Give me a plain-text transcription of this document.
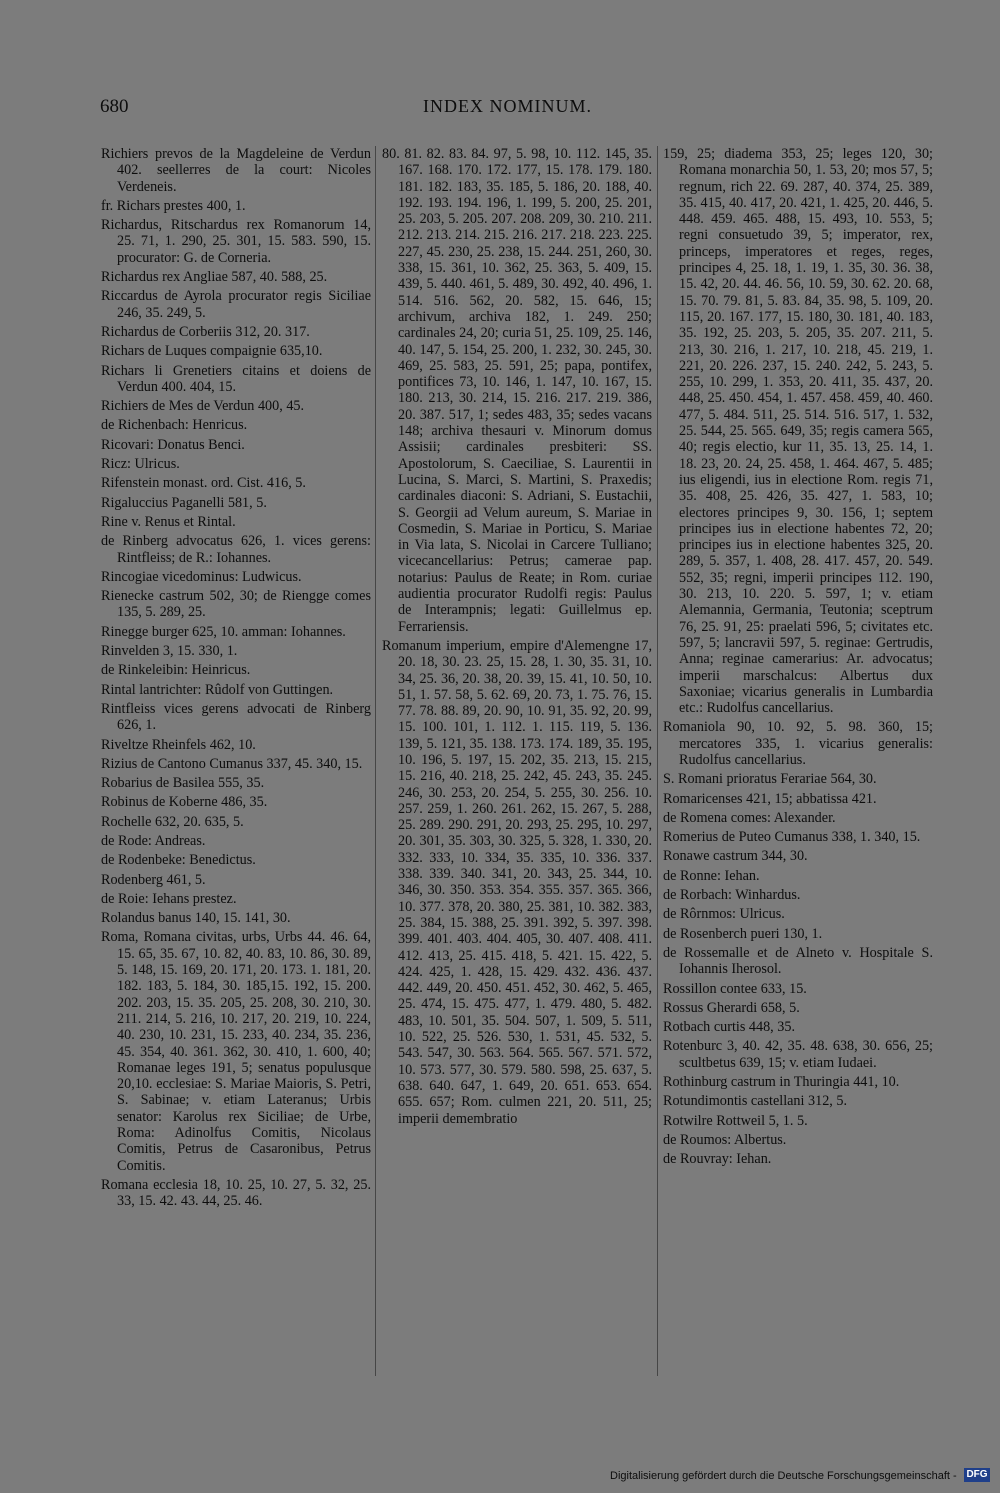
680	INDEX NOMINUM.

Richiers prevos de la Magdeleine de Verdun 402. seellerres de la court: Nicoles Verdeneis.

fr. Richars prestes 400, 1.

Richardus, Ritschardus rex Romanorum 14, 25. 71, 1. 290, 25. 301, 15. 583. 590, 15. procurator: G. de Corneria.

Richardus rex Angliae 587, 40. 588, 25.

Riccardus de Ayrola procurator regis Siciliae 246, 35. 249, 5.

Richardus de Corberiis 312, 20. 317.

Richars de Luques compaignie 635,10.

Richars li Grenetiers citains et doiens de Verdun 400. 404, 15.

Richiers de Mes de Verdun 400, 45.

de Richenbach: Henricus.

Ricovari: Donatus Benci.

Ricz: Ulricus.

Rifenstein monast. ord. Cist. 416, 5.

Rigaluccius Paganelli 581, 5.

Rine v. Renus et Rintal.

de Rinberg advocatus 626, 1. vices gerens: Rintfleiss; de R.: Iohannes.

Rincogiae vicedominus: Ludwicus.

Rienecke castrum 502, 30; de Riengge comes 135, 5. 289, 25.

Rinegge burger 625, 10. amman: Iohannes.

Rinvelden 3, 15. 330, 1.

de Rinkeleibin: Heinricus.

Rintal lantrichter: Rûdolf von Guttingen.

Rintfleiss vices gerens advocati de Rinberg 626, 1.

Riveltze Rheinfels 462, 10.

Rizius de Cantono Cumanus 337, 45. 340, 15.

Robarius de Basilea 555, 35.

Robinus de Koberne 486, 35.

Rochelle 632, 20. 635, 5.

de Rode: Andreas.

de Rodenbeke: Benedictus.

Rodenberg 461, 5.

de Roie: Iehans prestez.

Rolandus banus 140, 15. 141, 30.

Roma, Romana civitas, urbs, Urbs 44. 46. 64, 15. 65, 35. 67, 10. 82, 40. 83, 10. 86, 30. 89, 5. 148, 15. 169, 20. 171, 20. 173. 1. 181, 20. 182. 183, 5. 184, 30. 185,15. 192, 15. 200. 202. 203, 15. 35. 205, 25. 208, 30. 210, 30. 211. 214, 5. 216, 10. 217, 20. 219, 10. 224, 40. 230, 10. 231, 15. 233, 40. 234, 35. 236, 45. 354, 40. 361. 362, 30. 410, 1. 600, 40; Romanae leges 191, 5; senatus populusque 20,10. ecclesiae: S. Mariae Maioris, S. Petri, S. Sabinae; v. etiam Lateranus; Urbis senator: Karolus rex Siciliae; de Urbe, Roma: Adinolfus Comitis, Nicolaus Comitis, Petrus de Casaronibus, Petrus Comitis.

Romana ecclesia 18, 10. 25, 10. 27, 5. 32, 25. 33, 15. 42. 43. 44, 25. 46.

80. 81. 82. 83. 84. 97, 5. 98, 10. 112. 145, 35. 167. 168. 170. 172. 177, 15. 178. 179. 180. 181. 182. 183, 35. 185, 5. 186, 20. 188, 40. 192. 193. 194. 196, 1. 199, 5. 200, 25. 201, 25. 203, 5. 205. 207. 208. 209, 30. 210. 211. 212. 213. 214. 215. 216. 217. 218. 223. 225. 227, 45. 230, 25. 238, 15. 244. 251, 260, 30. 338, 15. 361, 10. 362, 25. 363, 5. 409, 15. 439, 5. 440. 461, 5. 489, 30. 492, 40. 496, 1. 514. 516. 562, 20. 582, 15. 646, 15; archivum, archiva 182, 1. 249. 250; cardinales 24, 20; curia 51, 25. 109, 25. 146, 40. 147, 5. 154, 25. 200, 1. 232, 30. 245, 30. 469, 25. 583, 25. 591, 25; papa, pontifex, pontifices 73, 10. 146, 1. 147, 10. 167, 15. 180. 213, 30. 214, 15. 216. 217. 219. 386, 20. 387. 517, 1; sedes 483, 35; sedes vacans 148; archiva thesauri v. Minorum domus Assisii; cardinales presbiteri: SS. Apostolorum, S. Caeciliae, S. Laurentii in Lucina, S. Marci, S. Martini, S. Praxedis; cardinales diaconi: S. Adriani, S. Eustachii, S. Georgii ad Velum aureum, S. Mariae in Cosmedin, S. Mariae in Porticu, S. Mariae in Via lata, S. Nicolai in Carcere Tulliano; vicecancellarius: Petrus; camerae pap. notarius: Paulus de Reate; in Rom. curiae audientia procurator Rudolfi regis: Paulus de Interampnis; legati: Guillelmus ep. Ferrariensis.

Romanum imperium, empire d'Alemengne 17, 20. 18, 30. 23. 25, 15. 28, 1. 30, 35. 31, 10. 34, 25. 36, 20. 38, 20. 39, 15. 41, 10. 50, 10. 51, 1. 57. 58, 5. 62. 69, 20. 73, 1. 75. 76, 15. 77. 78. 88. 89, 20. 90, 10. 91, 35. 92, 20. 99, 15. 100. 101, 1. 112. 1. 115. 119, 5. 136. 139, 5. 121, 35. 138. 173. 174. 189, 35. 195, 10. 196, 5. 197, 15. 202, 35. 213, 15. 215, 15. 216, 40. 218, 25. 242, 45. 243, 35. 245. 246, 30. 253, 20. 254, 5. 255, 30. 256. 10. 257. 259, 1. 260. 261. 262, 15. 267, 5. 288, 25. 289. 290. 291, 20. 293, 25. 295, 10. 297, 20. 301, 35. 303, 30. 325, 5. 328, 1. 330, 20. 332. 333, 10. 334, 35. 335, 10. 336. 337. 338. 339. 340. 341, 20. 343, 25. 344, 10. 346, 30. 350. 353. 354. 355. 357. 365. 366, 10. 377. 378, 20. 380, 25. 381, 10. 382. 383, 25. 384, 15. 388, 25. 391. 392, 5. 397. 398. 399. 401. 403. 404. 405, 30. 407. 408. 411. 412. 413, 25. 415. 418, 5. 421. 15. 422, 5. 424. 425, 1. 428, 15. 429. 432. 436. 437. 442. 449, 20. 450. 451. 452, 30. 462, 5. 465, 25. 474, 15. 475. 477, 1. 479. 480, 5. 482. 483, 10. 501, 35. 504. 507, 1. 509, 5. 511, 10. 522, 25. 526. 530, 1. 531, 45. 532, 5. 543. 547, 30. 563. 564. 565. 567. 571. 572, 10. 573. 577, 30. 579. 580. 598, 25. 637, 5. 638. 640. 647, 1. 649, 20. 651. 653. 654. 655. 657; Rom. culmen 221, 20. 511, 25; imperii demembratio

159, 25; diadema 353, 25; leges 120, 30; Romana monarchia 50, 1. 53, 20; mos 57, 5; regnum, rich 22. 69. 287, 40. 374, 25. 389, 35. 415, 40. 417, 20. 421, 1. 425, 20. 446, 5. 448. 459. 465. 488, 15. 493, 10. 553, 5; regni consuetudo 39, 5; imperator, rex, princeps, imperatores et reges, reges, principes 4, 25. 18, 1. 19, 1. 35, 30. 36. 38, 15. 42, 20. 44. 46. 56, 10. 59, 30. 62. 20. 68, 15. 70. 79. 81, 5. 83. 84, 35. 98, 5. 109, 20. 115, 20. 167. 177, 15. 180, 30. 181, 40. 183, 35. 192, 25. 203, 5. 205, 35. 207. 211, 5. 213, 30. 216, 1. 217, 10. 218, 45. 219, 1. 221, 20. 226. 237, 15. 240. 242, 5. 243, 5. 255, 10. 299, 1. 353, 20. 411, 35. 437, 20. 448, 25. 450. 454, 1. 457. 458. 459, 40. 460. 477, 5. 484. 511, 25. 514. 516. 517, 1. 532, 25. 544, 25. 565. 649, 35; regis camera 565, 40; regis electio, kur 11, 35. 13, 25. 14, 1. 18. 23, 20. 24, 25. 458, 1. 464. 467, 5. 485; ius eligendi, ius in electione Rom. regis 71, 35. 408, 25. 426, 35. 427, 1. 583, 10; electores principes 9, 30. 156, 1; septem principes ius in electione habentes 72, 20; principes ius in electione habentes 325, 20. 289, 5. 357, 1. 408, 28. 417. 457, 20. 549. 552, 35; regni, imperii principes 112. 190, 30. 213, 10. 220. 5. 597, 1; v. etiam Alemannia, Germania, Teutonia; sceptrum 76, 25. 91, 25: praelati 596, 5; civitates etc. 597, 5; lancravii 597, 5. reginae: Gertrudis, Anna; reginae camerarius: Ar. advocatus; imperii marschalcus: Albertus dux Saxoniae; vicarius generalis in Lumbardia etc.: Rudolfus cancellarius.

Romaniola 90, 10. 92, 5. 98. 360, 15; mercatores 335, 1. vicarius generalis: Rudolfus cancellarius.

S. Romani prioratus Ferariae 564, 30.

Romaricenses 421, 15; abbatissa 421.

de Romena comes: Alexander.

Romerius de Puteo Cumanus 338, 1. 340, 15.

Ronawe castrum 344, 30.

de Ronne: Iehan.

de Rorbach: Winhardus.

de Rôrnmos: Ulricus.

de Rosenberch pueri 130, 1.

de Rossemalle et de Alneto v. Hospitale S. Iohannis Iherosol.

Rossillon contee 633, 15.

Rossus Gherardi 658, 5.

Rotbach curtis 448, 35.

Rotenburc 3, 40. 42, 35. 48. 638, 30. 656, 25; scultbetus 639, 15; v. etiam Iudaei.

Rothinburg castrum in Thuringia 441, 10.

Rotundimontis castellani 312, 5.

Rotwilre Rottweil 5, 1. 5.

de Roumos: Albertus.

de Rouvray: Iehan.

Digitalisierung gefördert durch die Deutsche Forschungsgemeinschaft - DFG
